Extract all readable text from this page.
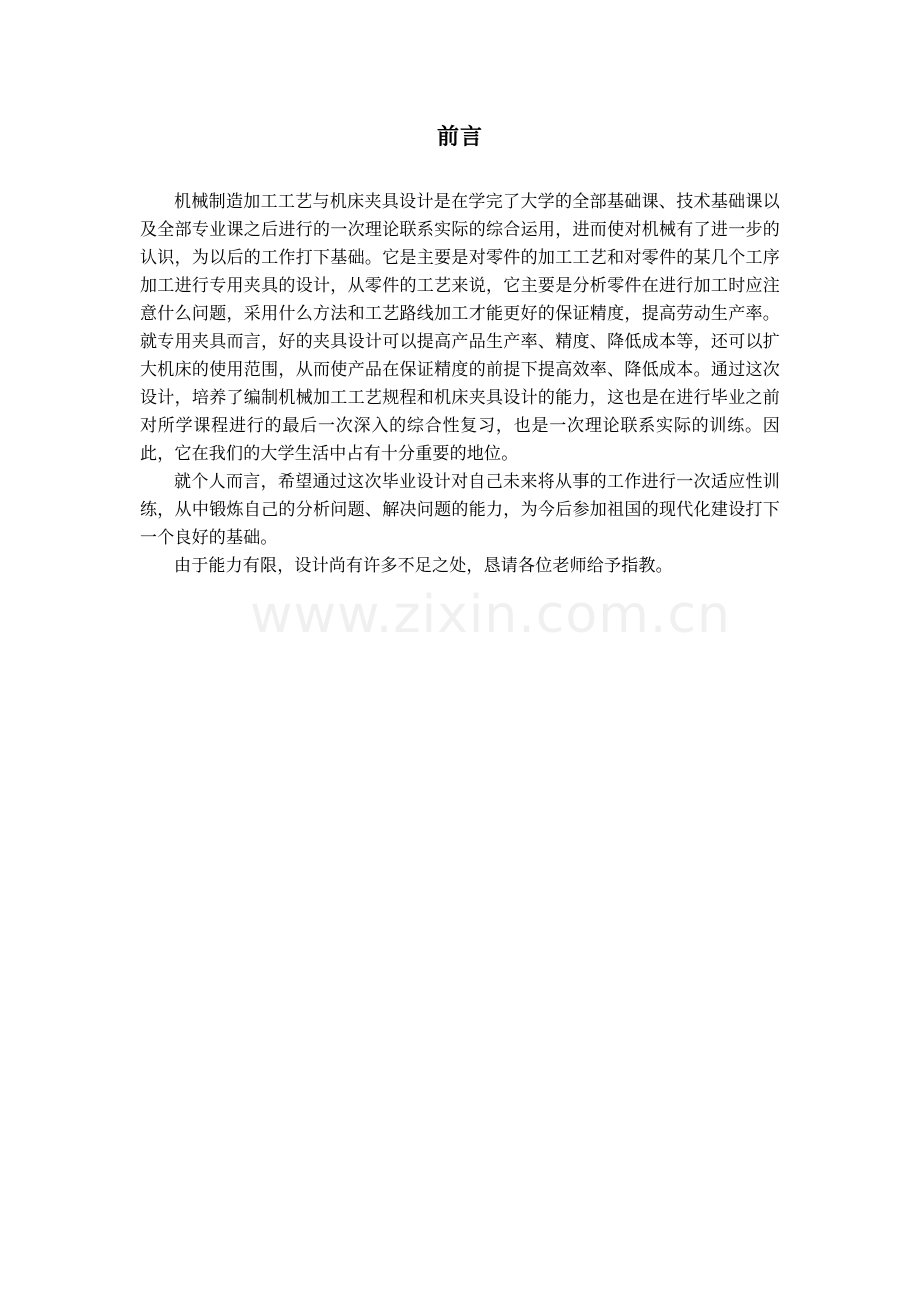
前言

机械制造加工工艺与机床夹具设计是在学完了大学的全部基础课、技术基础课以及全部专业课之后进行的一次理论联系实际的综合运用，进而使对机械有了进一步的认识，为以后的工作打下基础。它是主要是对零件的加工工艺和对零件的某几个工序加工进行专用夹具的设计，从零件的工艺来说，它主要是分析零件在进行加工时应注意什么问题，采用什么方法和工艺路线加工才能更好的保证精度，提高劳动生产率。就专用夹具而言，好的夹具设计可以提高产品生产率、精度、降低成本等，还可以扩大机床的使用范围，从而使产品在保证精度的前提下提高效率、降低成本。通过这次设计，培养了编制机械加工工艺规程和机床夹具设计的能力，这也是在进行毕业之前对所学课程进行的最后一次深入的综合性复习，也是一次理论联系实际的训练。因此，它在我们的大学生活中占有十分重要的地位。

就个人而言，希望通过这次毕业设计对自己未来将从事的工作进行一次适应性训练，从中锻炼自己的分析问题、解决问题的能力，为今后参加祖国的现代化建设打下一个良好的基础。

由于能力有限，设计尚有许多不足之处，恳请各位老师给予指教。

www.zixin.com.cn
